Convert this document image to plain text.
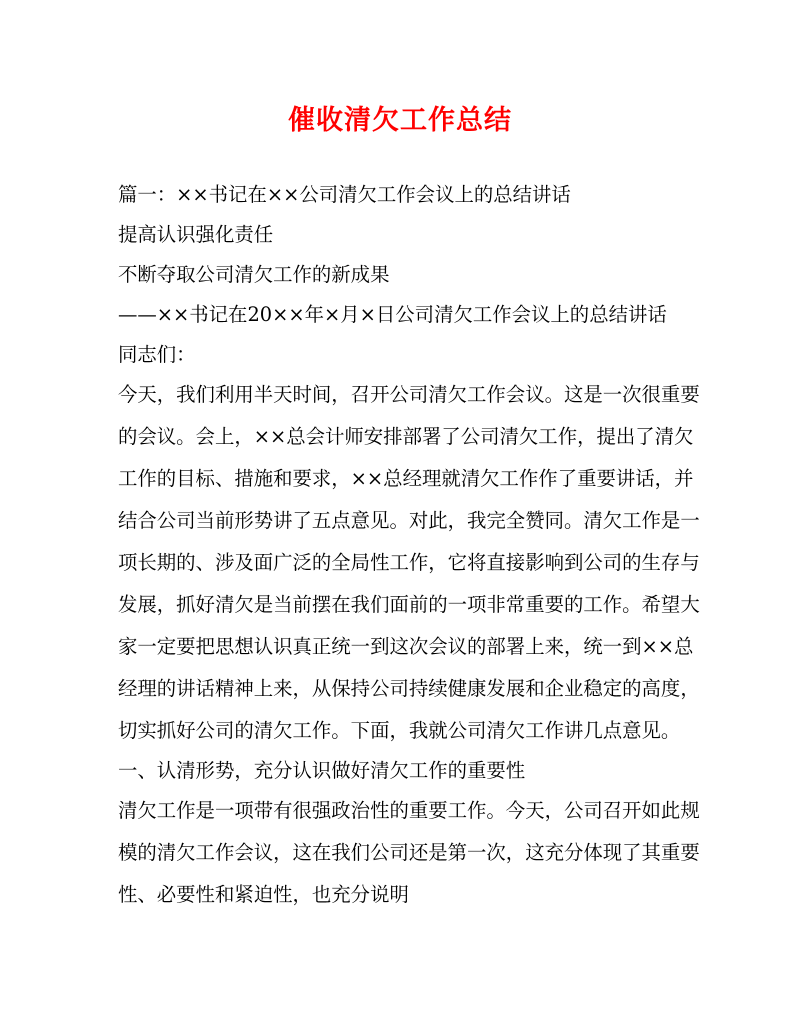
催收清欠工作总结
篇一：××书记在××公司清欠工作会议上的总结讲话
提高认识强化责任
不断夺取公司清欠工作的新成果
——××书记在20××年×月×日公司清欠工作会议上的总结讲话
同志们：
今天，我们利用半天时间，召开公司清欠工作会议。这是一次很重要
的会议。会上，××总会计师安排部署了公司清欠工作，提出了清欠
工作的目标、措施和要求，××总经理就清欠工作作了重要讲话，并
结合公司当前形势讲了五点意见。对此，我完全赞同。清欠工作是一
项长期的、涉及面广泛的全局性工作，它将直接影响到公司的生存与
发展，抓好清欠是当前摆在我们面前的一项非常重要的工作。希望大
家一定要把思想认识真正统一到这次会议的部署上来，统一到××总
经理的讲话精神上来，从保持公司持续健康发展和企业稳定的高度，
切实抓好公司的清欠工作。下面，我就公司清欠工作讲几点意见。
一、认清形势，充分认识做好清欠工作的重要性
清欠工作是一项带有很强政治性的重要工作。今天，公司召开如此规
模的清欠工作会议，这在我们公司还是第一次，这充分体现了其重要
性、必要性和紧迫性，也充分说明
